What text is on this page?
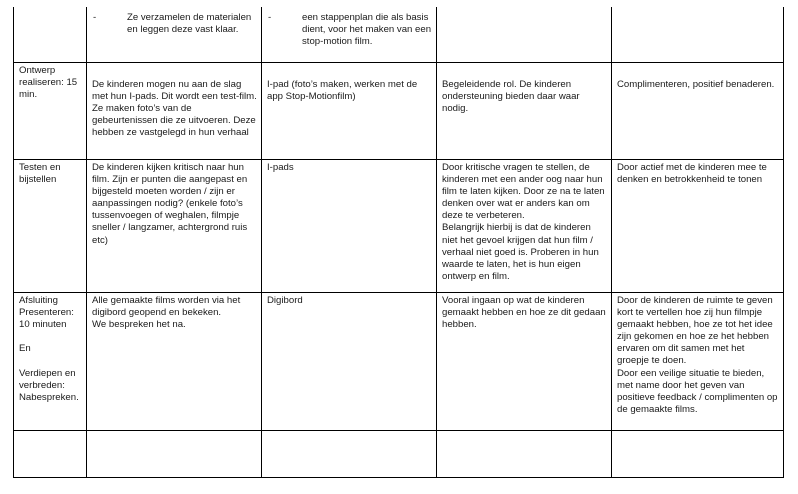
- Ze verzamelen de materialen en leggen deze vast klaar.
- een stappenplan die als basis dient, voor het maken van een stop-motion film.

Ontwerp realiseren: 15 min.

De kinderen mogen nu aan de slag met hun I-pads. Dit wordt een test-film. Ze maken foto’s van de gebeurtenissen die ze uitvoeren. Deze hebben ze vastgelegd in hun verhaal

I-pad (foto’s maken, werken met de app Stop-Motionfilm)

Begeleidende rol. De kinderen ondersteuning bieden daar waar nodig.

Complimenteren, positief benaderen.

Testen en bijstellen

De kinderen kijken kritisch naar hun film. Zijn er punten die aangepast en bijgesteld moeten worden / zijn er aanpassingen nodig? (enkele foto’s tussenvoegen of weghalen, filmpje sneller / langzamer, achtergrond ruis etc)

I-pads	Door kritische vragen te stellen, de kinderen met een ander oog naar hun film te laten kijken. Door ze na te laten denken over wat er anders kan om deze te verbeteren.
Belangrijk hierbij is dat de kinderen niet het gevoel krijgen dat hun film / verhaal niet goed is. Proberen in hun waarde te laten, het is hun eigen ontwerp en film.

Door actief met de kinderen mee te denken en betrokkenheid te tonen

Afsluiting Presenteren: 10 minuten

En

Verdiepen en verbreden: Nabespreken.

Alle gemaakte films worden via het digibord geopend en bekeken.
We bespreken het na.

Digibord	Vooral ingaan op wat de kinderen gemaakt hebben en hoe ze dit gedaan hebben.

Door de kinderen de ruimte te geven kort te vertellen hoe zij hun filmpje gemaakt hebben, hoe ze tot het idee zijn gekomen en hoe ze het hebben ervaren om dit samen met het groepje te doen.
Door een veilige situatie te bieden, met name door het geven van positieve feedback / complimenten op de gemaakte films.
